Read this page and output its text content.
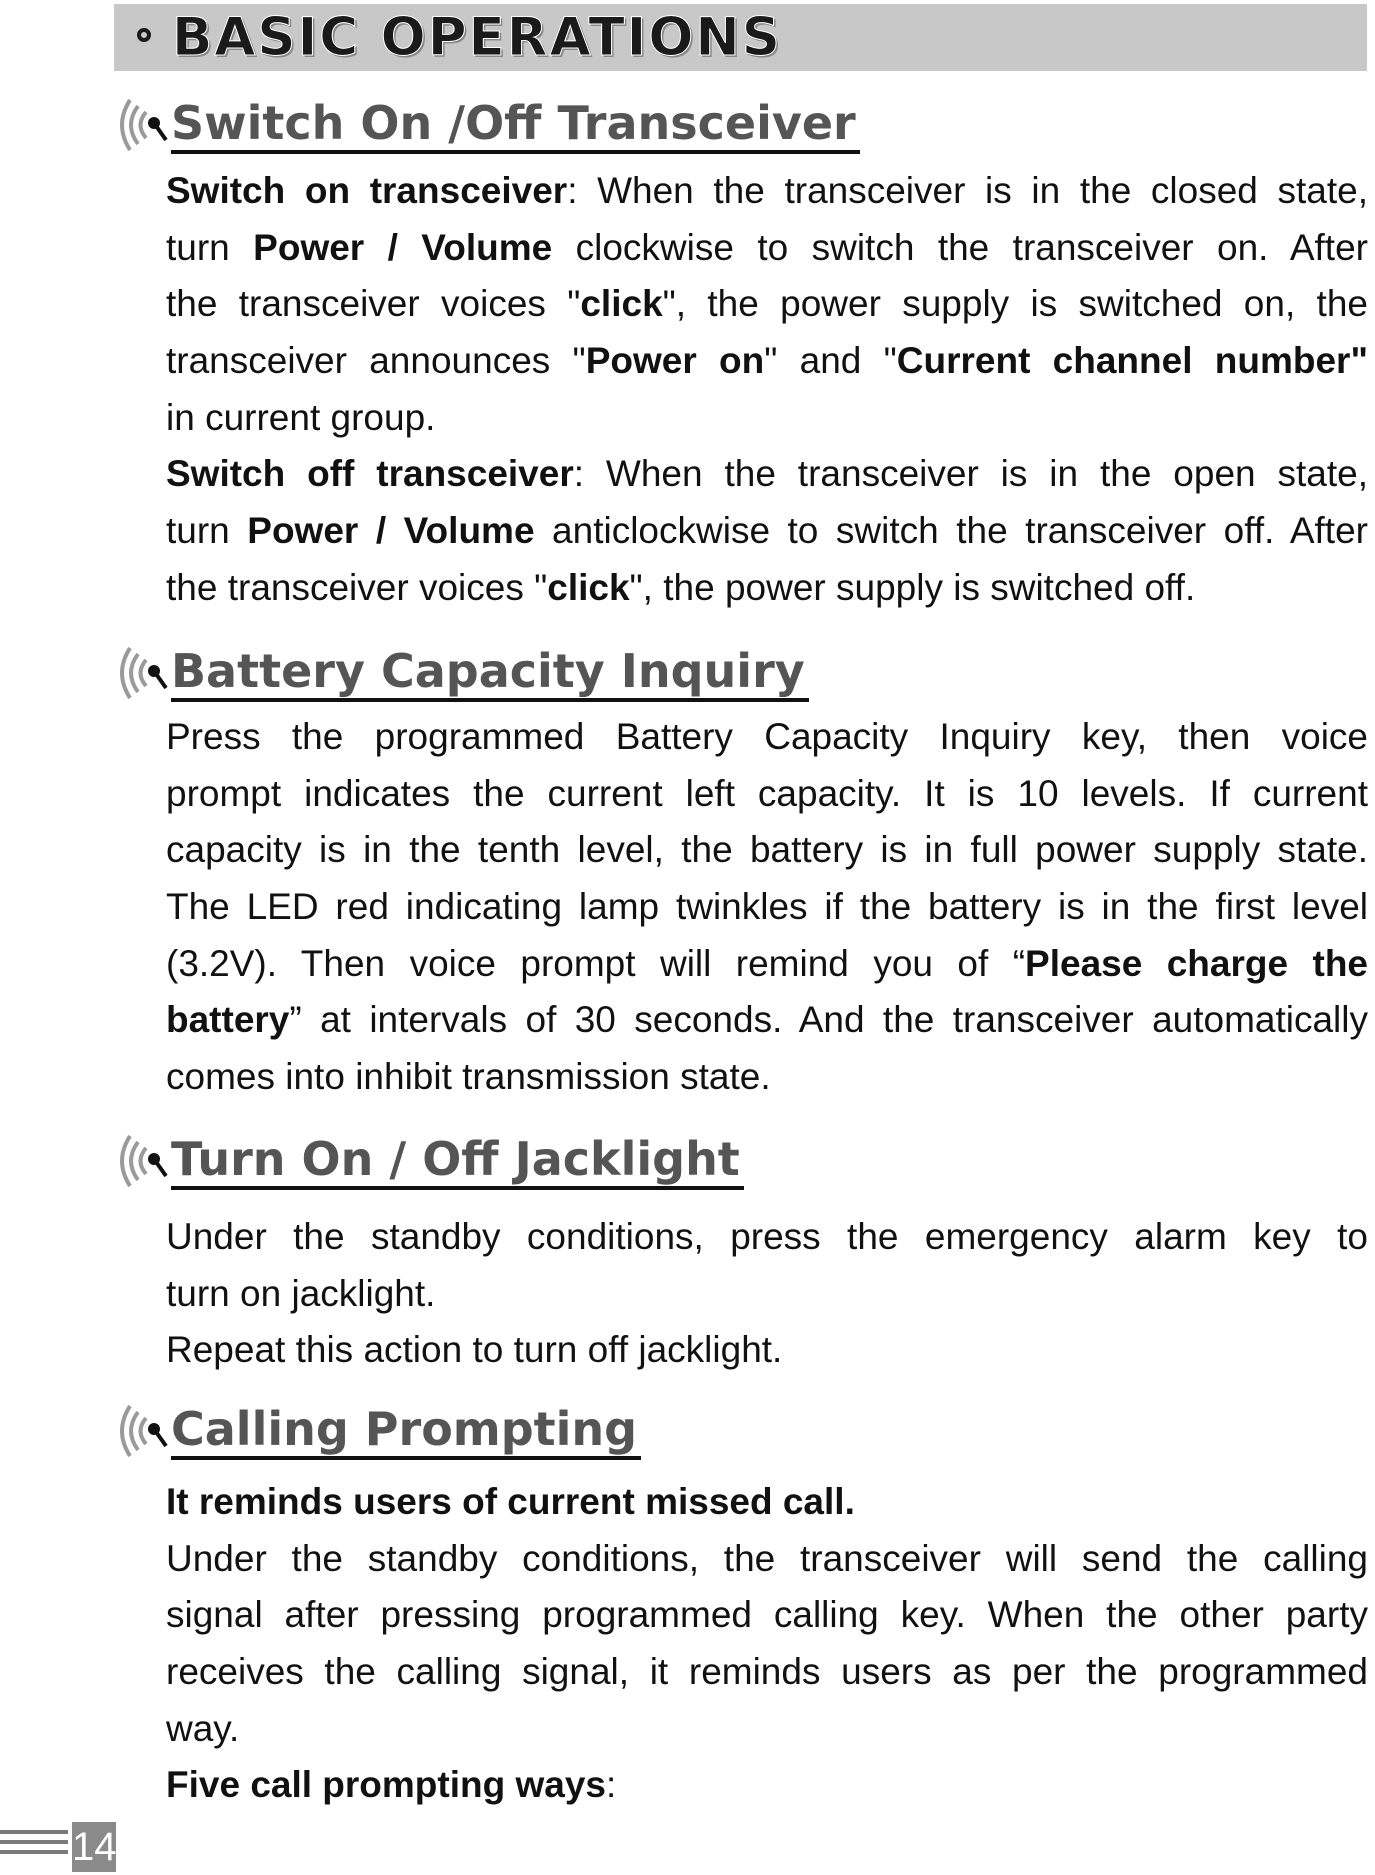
BASIC OPERATIONS
Switch On /Off Transceiver
Switch on transceiver: When the transceiver is in the closed state,
turn Power / Volume clockwise to switch the transceiver on. After
the transceiver voices "click", the power supply is switched on, the
transceiver announces "Power on" and "Current channel number"
in current group.
Switch off transceiver: When the transceiver is in the open state,
turn Power / Volume anticlockwise to switch the transceiver off. After
the transceiver voices "click", the power supply is switched off.
Battery Capacity Inquiry
Press the programmed Battery Capacity Inquiry key, then voice
prompt indicates the current left capacity. It is 10 levels. If current
capacity is in the tenth level, the battery is in full power supply state.
The LED red indicating lamp twinkles if the battery is in the first level
(3.2V). Then voice prompt will remind you of “Please charge the
battery” at intervals of 30 seconds. And the transceiver automatically
comes into inhibit transmission state.
Turn On / Off Jacklight
Under the standby conditions, press the emergency alarm key to
turn on jacklight.
Repeat this action to turn off jacklight.
Calling Prompting
It reminds users of current missed call.
Under the standby conditions, the transceiver will send the calling
signal after pressing programmed calling key. When the other party
receives the calling signal, it reminds users as per the programmed
way.
Five call prompting ways:
14
